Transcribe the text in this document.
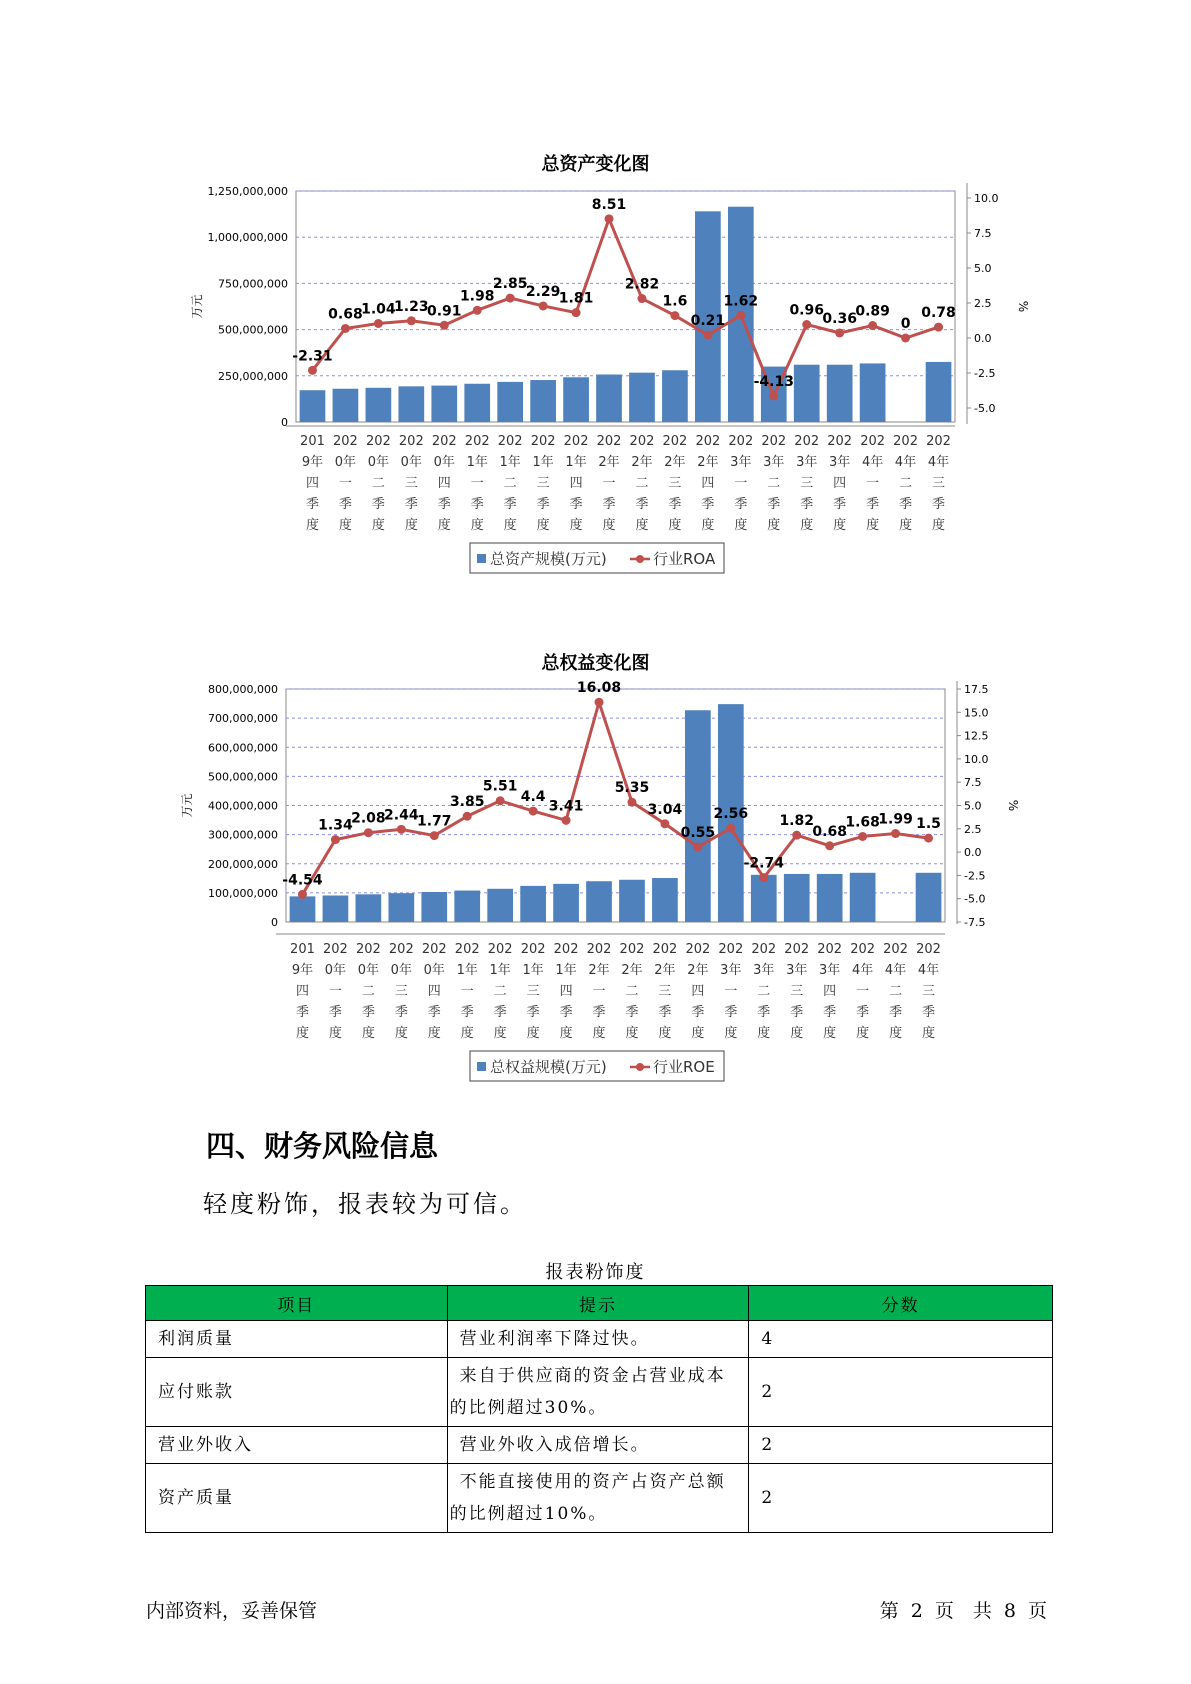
总资产变化图
0
250,000,000
500,000,000
750,000,000
1,000,000,000
1,250,000,000
-5.0
-2.5
0.0
2.5
5.0
7.5
10.0
万元	%
-2.31
0.68
1.04
1.23
0.91
1.98
2.85
2.29
1.81
8.51
2.82
1.6
0.21
1.62
-4.13
0.96
0.36
0.89
0
0.78
201
9年
四
季
度
202
0年
一
季
度
202
0年
二
季
度
202
0年
三
季
度
202
0年
四
季
度
202
1年
一
季
度
202
1年
二
季
度
202
1年
三
季
度
202
1年
四
季
度
202
2年
一
季
度
202
2年
二
季
度
202
2年
三
季
度
202
2年
四
季
度
202
3年
一
季
度
202
3年
二
季
度
202
3年
三
季
度
202
3年
四
季
度
202
4年
一
季
度
202
4年
二
季
度
202
4年
三
季
度
总资产规模(万元)	行业ROA
总权益变化图
0
100,000,000
200,000,000
300,000,000
400,000,000
500,000,000
600,000,000
700,000,000
800,000,000
-7.5
-5.0
-2.5
0.0
2.5
5.0
7.5
10.0
12.5
15.0
17.5
万元	%
-4.54
1.34
2.08
2.44
1.77
3.85
5.51
4.4
3.41
16.08
5.35
3.04
0.55
2.56
-2.74
1.82
0.68
1.68
1.99 1.5
201
9年
四
季
度
202
0年
一
季
度
202
0年
二
季
度
202
0年
三
季
度
202
0年
四
季
度
202
1年
一
季
度
202
1年
二
季
度
202
1年
三
季
度
202
1年
四
季
度
202
2年
一
季
度
202
2年
二
季
度
202
2年
三
季
度
202
2年
四
季
度
202
3年
一
季
度
202
3年
二
季
度
202
3年
三
季
度
202
3年
四
季
度
202
4年
一
季
度
202
4年
二
季
度
202
4年
三
季
度
总权益规模(万元)	行业ROE
四、财务风险信息
轻度粉饰，报表较为可信。
报表粉饰度
项目	提示	分数
利润质量	营业利润率下降过快。	4
应付账款	来自于供应商的资金占营业成本的比例超过30%。	2
营业外收入	营业外收入成倍增长。	2
资产质量	不能直接使用的资产占资产总额的比例超过10%。	2
内部资料，妥善保管	第 2 页　共 8 页
